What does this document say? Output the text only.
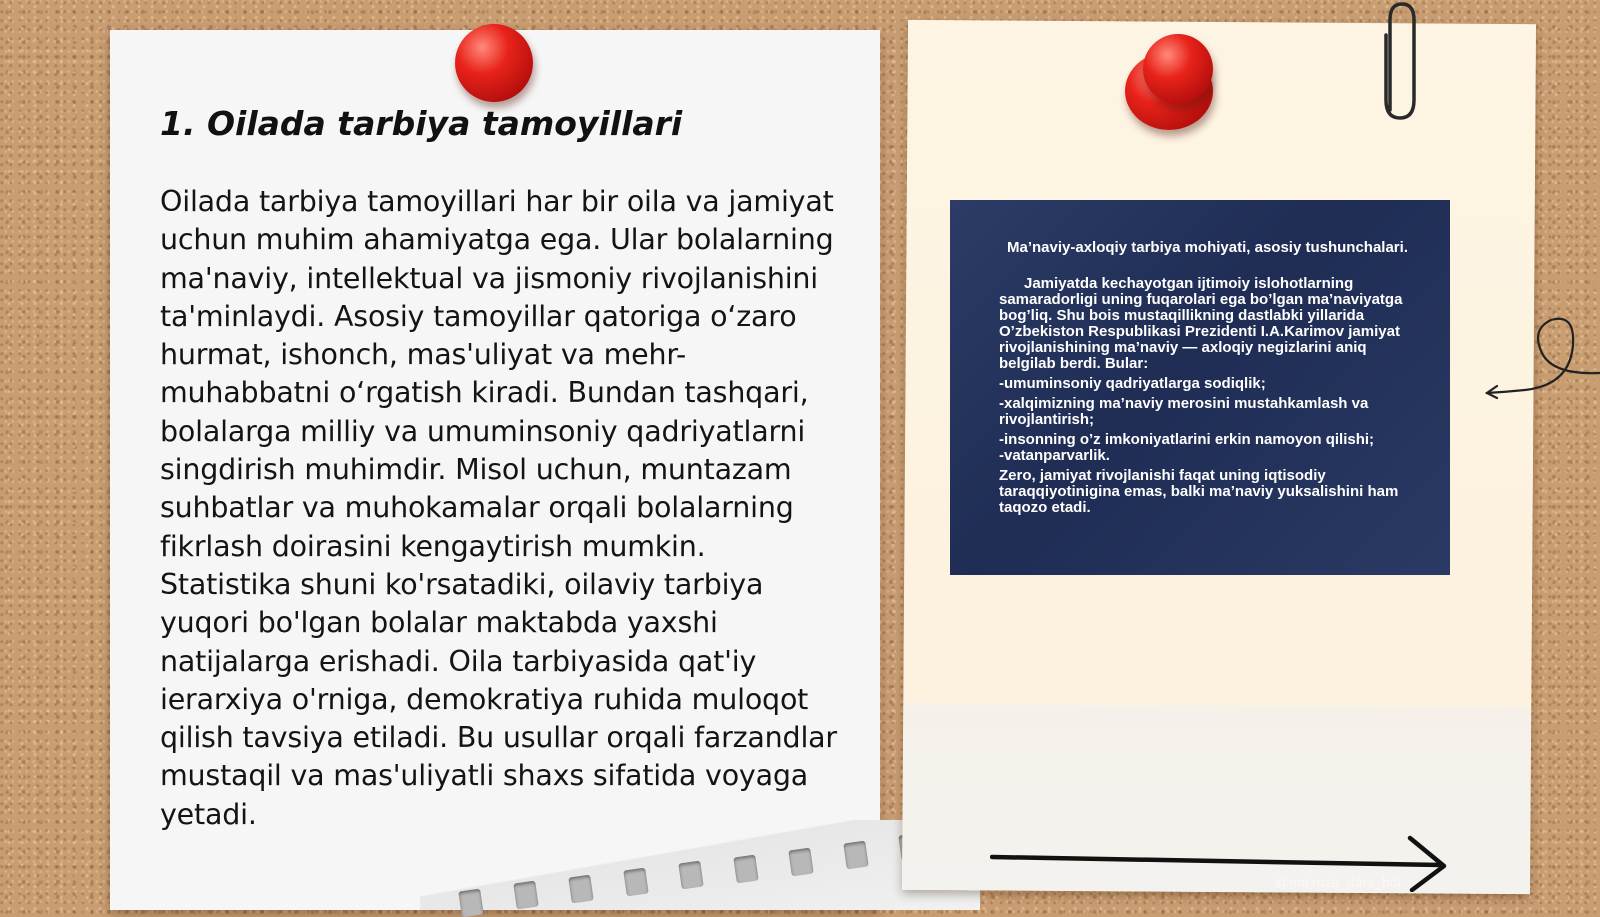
1. Oilada tarbiya tamoyillari

Oilada tarbiya tamoyillari har bir oila va jamiyat uchun muhim ahamiyatga ega. Ular bolalarning ma'naviy, intellektual va jismoniy rivojlanishini ta'minlaydi. Asosiy tamoyillar qatoriga o‘zaro hurmat, ishonch, mas'uliyat va mehr-muhabbatni o‘rgatish kiradi. Bundan tashqari, bolalarga milliy va umuminsoniy qadriyatlarni singdirish muhimdir. Misol uchun, muntazam suhbatlar va muhokamalar orqali bolalarning fikrlash doirasini kengaytirish mumkin. Statistika shuni ko'rsatadiki, oilaviy tarbiya yuqori bo'lgan bolalar maktabda yaxshi natijalarga erishadi. Oila tarbiyasida qat'iy ierarxiya o'rniga, demokratiya ruhida muloqot qilish tavsiya etiladi. Bu usullar orqali farzandlar mustaqil va mas'uliyatli shaxs sifatida voyaga yetadi.

Ma’naviy-axloqiy tarbiya mohiyati, asosiy tushunchalari.

Jamiyatda kechayotgan ijtimoiy islohotlarning samaradorligi uning fuqarolari ega bo’lgan ma’naviyatga bog’liq. Shu bois mustaqillikning dastlabki yillarida O’zbekiston Respublikasi Prezidenti I.A.Karimov jamiyat rivojlanishining ma’naviy — axloqiy negizlarini aniq belgilab berdi. Bular:

-umuminsoniy qadriyatlarga sodiqlik;

-xalqimizning ma’naviy merosini mustahkamlash va rivojlantirish;

-insonning o’z imkoniyatlarini erkin namoyon qilishi;

-vatanparvarlik.

Zero, jamiyat rivojlanishi faqat uning iqtisodiy taraqqiyotinigina emas, balki ma’naviy yuksalishini ham taqozo etadi.

@ma’ruza_dars_bot
